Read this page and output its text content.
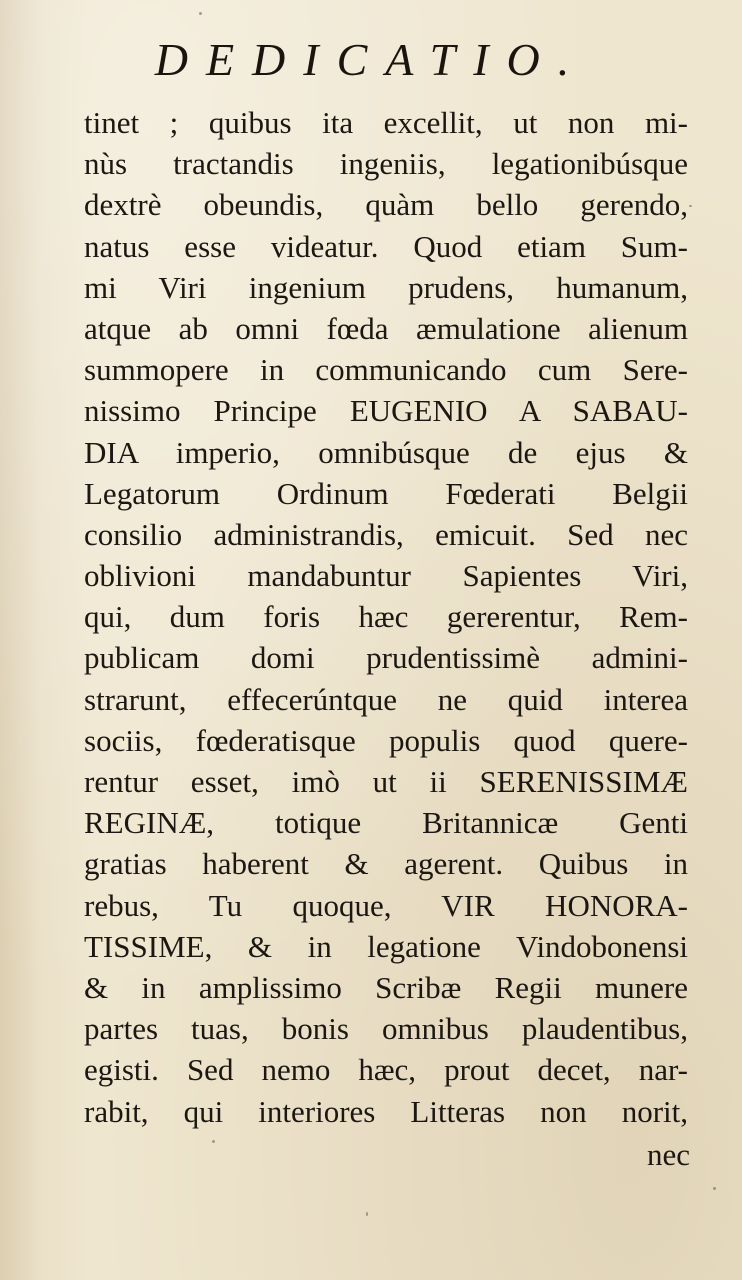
DEDICATIO.
tinet ; quibus ita excellit, ut non mi-
nùs tractandis ingeniis, legationibúsque
dextrè obeundis, quàm bello gerendo,
natus esse videatur. Quod etiam Sum-
mi Viri ingenium prudens, humanum,
atque ab omni fœda æmulatione alienum
summopere in communicando cum Sere-
nissimo Principe EUGENIO A SABAU-
DIA imperio, omnibúsque de ejus &
Legatorum Ordinum Fœderati Belgii
consilio administrandis, emicuit. Sed nec
oblivioni mandabuntur Sapientes Viri,
qui, dum foris hæc gererentur, Rem-
publicam domi prudentissimè admini-
strarunt, effecerúntque ne quid interea
sociis, fœderatisque populis quod querе-
rentur esset, imò ut ii SERENISSIMÆ
REGINÆ, totique Britannicæ Genti
gratias haberent & agerent. Quibus in
rebus, Tu quoque, VIR HONORA-
TISSIME, & in legatione Vindobonensi
& in amplissimo Scribæ Regii munere
partes tuas, bonis omnibus plaudentibus,
egisti. Sed nemo hæc, prout decet, nar-
rabit, qui interiores Litteras non norit,
nec
